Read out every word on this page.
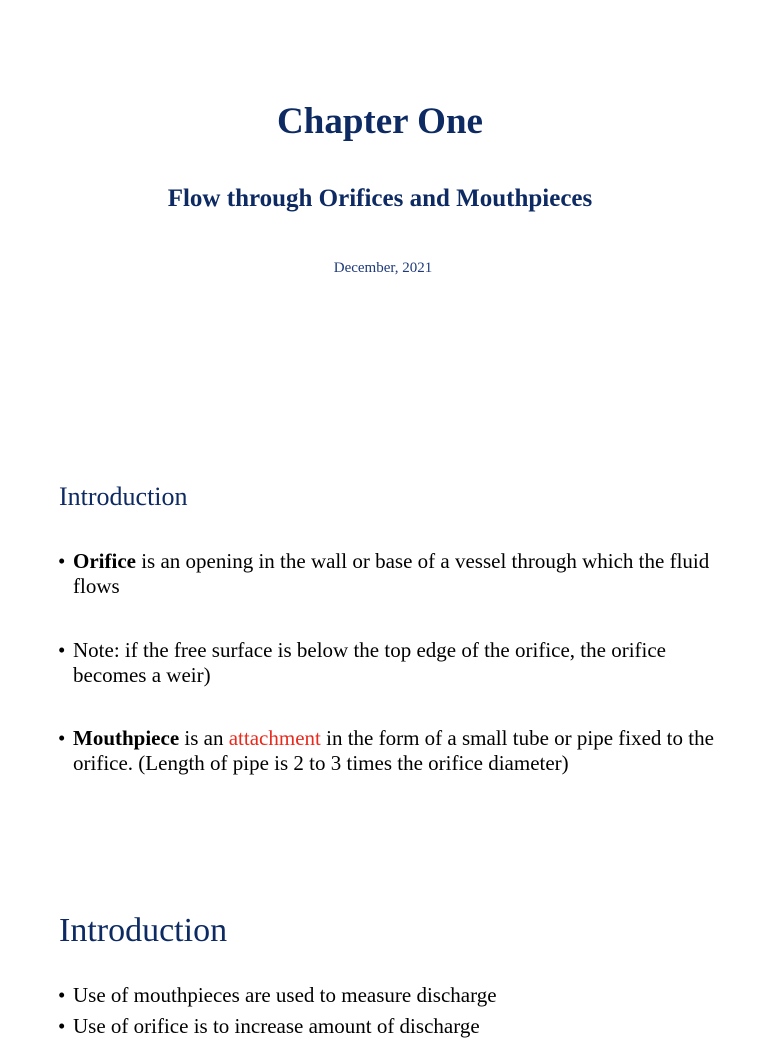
Chapter One
Flow through Orifices and Mouthpieces

December, 2021

Introduction
• Orifice is an opening in the wall or base of a vessel through which the fluid flows
• Note: if the free surface is below the top edge of the orifice, the orifice becomes a weir)
• Mouthpiece is an attachment in the form of a small tube or pipe fixed to the orifice. (Length of pipe is 2 to 3 times the orifice diameter)
Introduction
• Use of mouthpieces are used to measure discharge
• Use of orifice is to increase amount of discharge
